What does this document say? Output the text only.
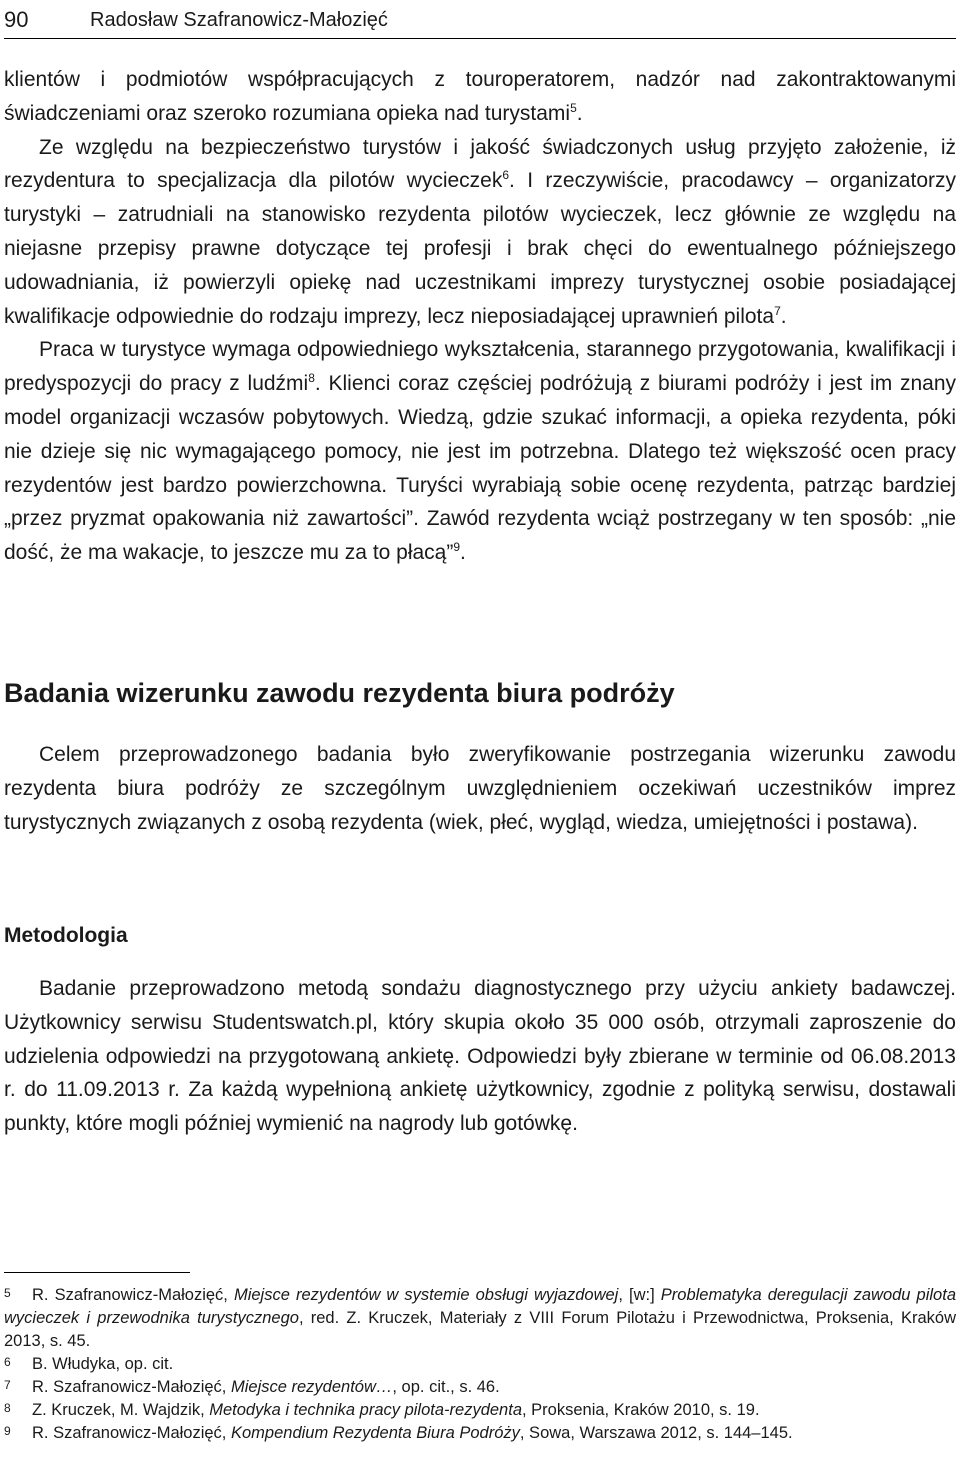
90	Radosław Szafranowicz-Małozięć

klientów i podmiotów współpracujących z touroperatorem, nadzór nad zakontraktowanymi świadczeniami oraz szeroko rozumiana opieka nad turystami$^5$.

Ze względu na bezpieczeństwo turystów i jakość świadczonych usług przyjęto założenie, iż rezydentura to specjalizacja dla pilotów wycieczek$^6$. I rzeczywiście, pracodawcy – organizatorzy turystyki – zatrudniali na stanowisko rezydenta pilotów wycieczek, lecz głównie ze względu na niejasne przepisy prawne dotyczące tej profesji i brak chęci do ewentualnego późniejszego udowadniania, iż powierzyli opiekę nad uczestnikami imprezy turystycznej osobie posiadającej kwalifikacje odpowiednie do rodzaju imprezy, lecz nieposiadającej uprawnień pilota$^7$.

Praca w turystyce wymaga odpowiedniego wykształcenia, starannego przygotowania, kwalifikacji i predyspozycji do pracy z ludźmi$^8$. Klienci coraz częściej podróżują z biurami podróży i jest im znany model organizacji wczasów pobytowych. Wiedzą, gdzie szukać informacji, a opieka rezydenta, póki nie dzieje się nic wymagającego pomocy, nie jest im potrzebna. Dlatego też większość ocen pracy rezydentów jest bardzo powierzchowna. Turyści wyrabiają sobie ocenę rezydenta, patrząc bardziej „przez pryzmat opakowania niż zawartości”. Zawód rezydenta wciąż postrzegany w ten sposób: „nie dość, że ma wakacje, to jeszcze mu za to płacą”$^9$.

Badania wizerunku zawodu rezydenta biura podróży

Celem przeprowadzonego badania było zweryfikowanie postrzegania wizerunku zawodu rezydenta biura podróży ze szczególnym uwzględnieniem oczekiwań uczestników imprez turystycznych związanych z osobą rezydenta (wiek, płeć, wygląd, wiedza, umiejętności i postawa).

Metodologia

Badanie przeprowadzono metodą sondażu diagnostycznego przy użyciu ankiety badawczej. Użytkownicy serwisu Studentswatch.pl, który skupia około 35 000 osób, otrzymali zaproszenie do udzielenia odpowiedzi na przygotowaną ankietę. Odpowiedzi były zbierane w terminie od 06.08.2013 r. do 11.09.2013 r. Za każdą wypełnioną ankietę użytkownicy, zgodnie z polityką serwisu, dostawali punkty, które mogli później wymienić na nagrody lub gotówkę.

5 R. Szafranowicz-Małozięć, Miejsce rezydentów w systemie obsługi wyjazdowej, [w:] Problematyka deregulacji zawodu pilota wycieczek i przewodnika turystycznego, red. Z. Kruczek, Materiały z VIII Forum Pilotażu i Przewodnictwa, Proksenia, Kraków 2013, s. 45.
6 B. Włudyka, op. cit.
7 R. Szafranowicz-Małozięć, Miejsce rezydentów…, op. cit., s. 46.
8 Z. Kruczek, M. Wajdzik, Metodyka i technika pracy pilota-rezydenta, Proksenia, Kraków 2010, s. 19.
9 R. Szafranowicz-Małozięć, Kompendium Rezydenta Biura Podróży, Sowa, Warszawa 2012, s. 144–145.
